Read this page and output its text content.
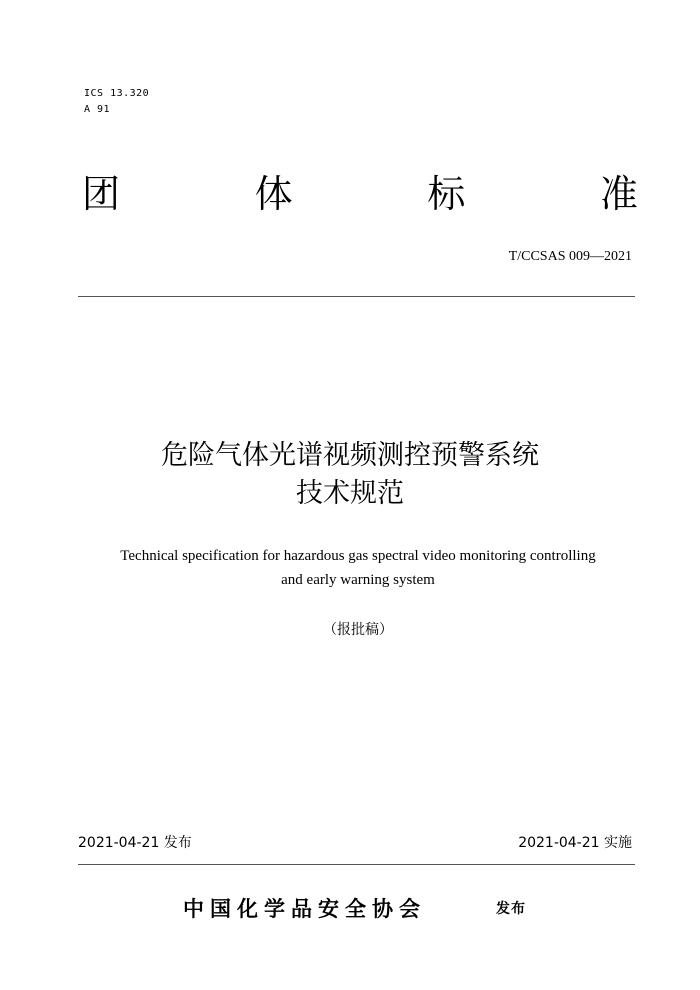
ICS 13.320
A 91
团	体	标	准
T/CCSAS 009—2021
危险气体光谱视频测控预警系统
技术规范
Technical specification for hazardous gas spectral video monitoring controlling
and early warning system
（报批稿）
2021-04-21 发布	2021-04-21 实施
中国化学品安全协会	发布
